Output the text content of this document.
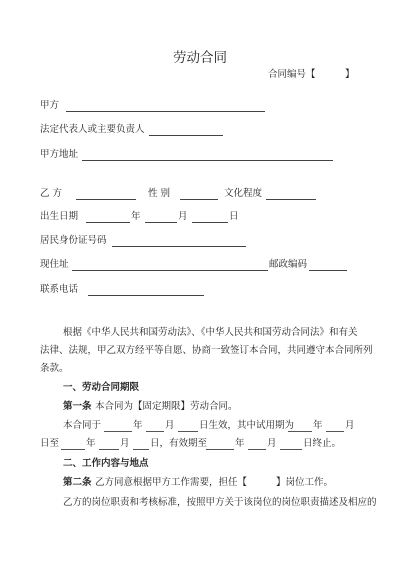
劳动合同
合同编号【	】
甲方
法定代表人或主要负责人
甲方地址
乙 方	性 别	文化程度
出生日期	年	月	日
居民身份证号码
现住址	邮政编码
联系电话
根据《中华人民共和国劳动法》、《中华人民共和国劳动合同法》和有关
法律、法规，甲乙双方经平等自愿、协商一致签订本合同，共同遵守本合同所列
条款。
一、劳动合同期限
第一条 本合同为【固定期限】劳动合同。
本合同于	年 月	日生效，其中试用期为 年 月
日至	年	月 日，有效期至	年 月	日终止。
二、工作内容与地点
第二条 乙方同意根据甲方工作需要，担任【	】岗位工作。
乙方的岗位职责和考核标准，按照甲方关于该岗位的岗位职责描述及相应的
